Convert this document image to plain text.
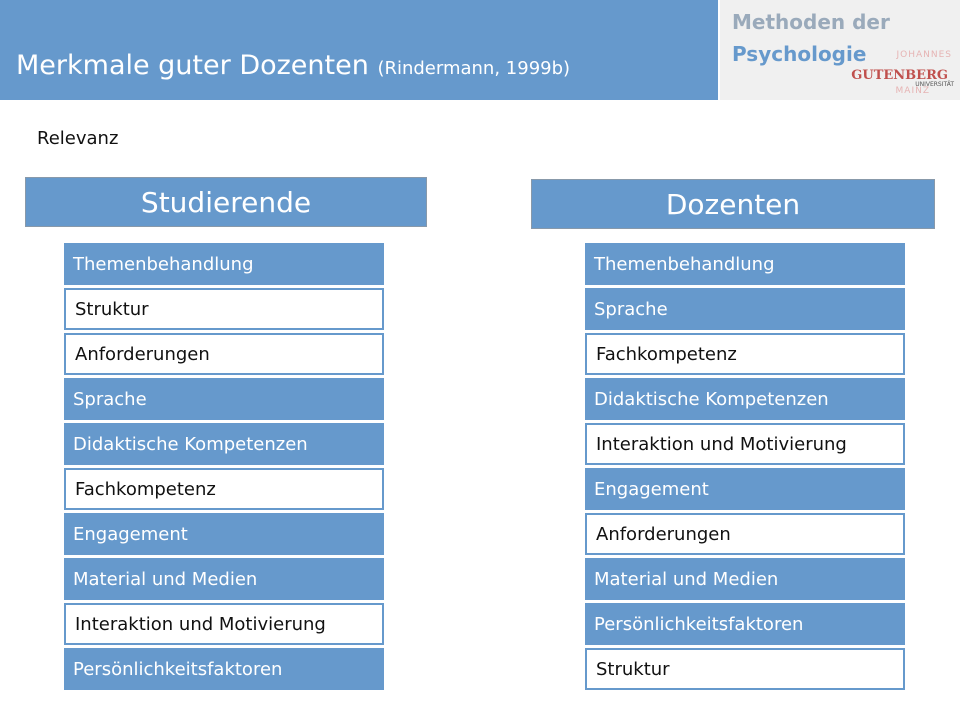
Merkmale guter Dozenten (Rindermann, 1999b)
Methoden der
Psychologie	JOHANNES
GUTENBERG
UNIVERSITÄT
MAINZ
Relevanz
Studierende	Dozenten
Themenbehandlung
Struktur
Anforderungen
Sprache
Didaktische Kompetenzen
Fachkompetenz
Engagement
Material und Medien
Interaktion und Motivierung
Persönlichkeitsfaktoren
Themenbehandlung
Sprache
Fachkompetenz
Didaktische Kompetenzen
Interaktion und Motivierung
Engagement
Anforderungen
Material und Medien
Persönlichkeitsfaktoren
Struktur
